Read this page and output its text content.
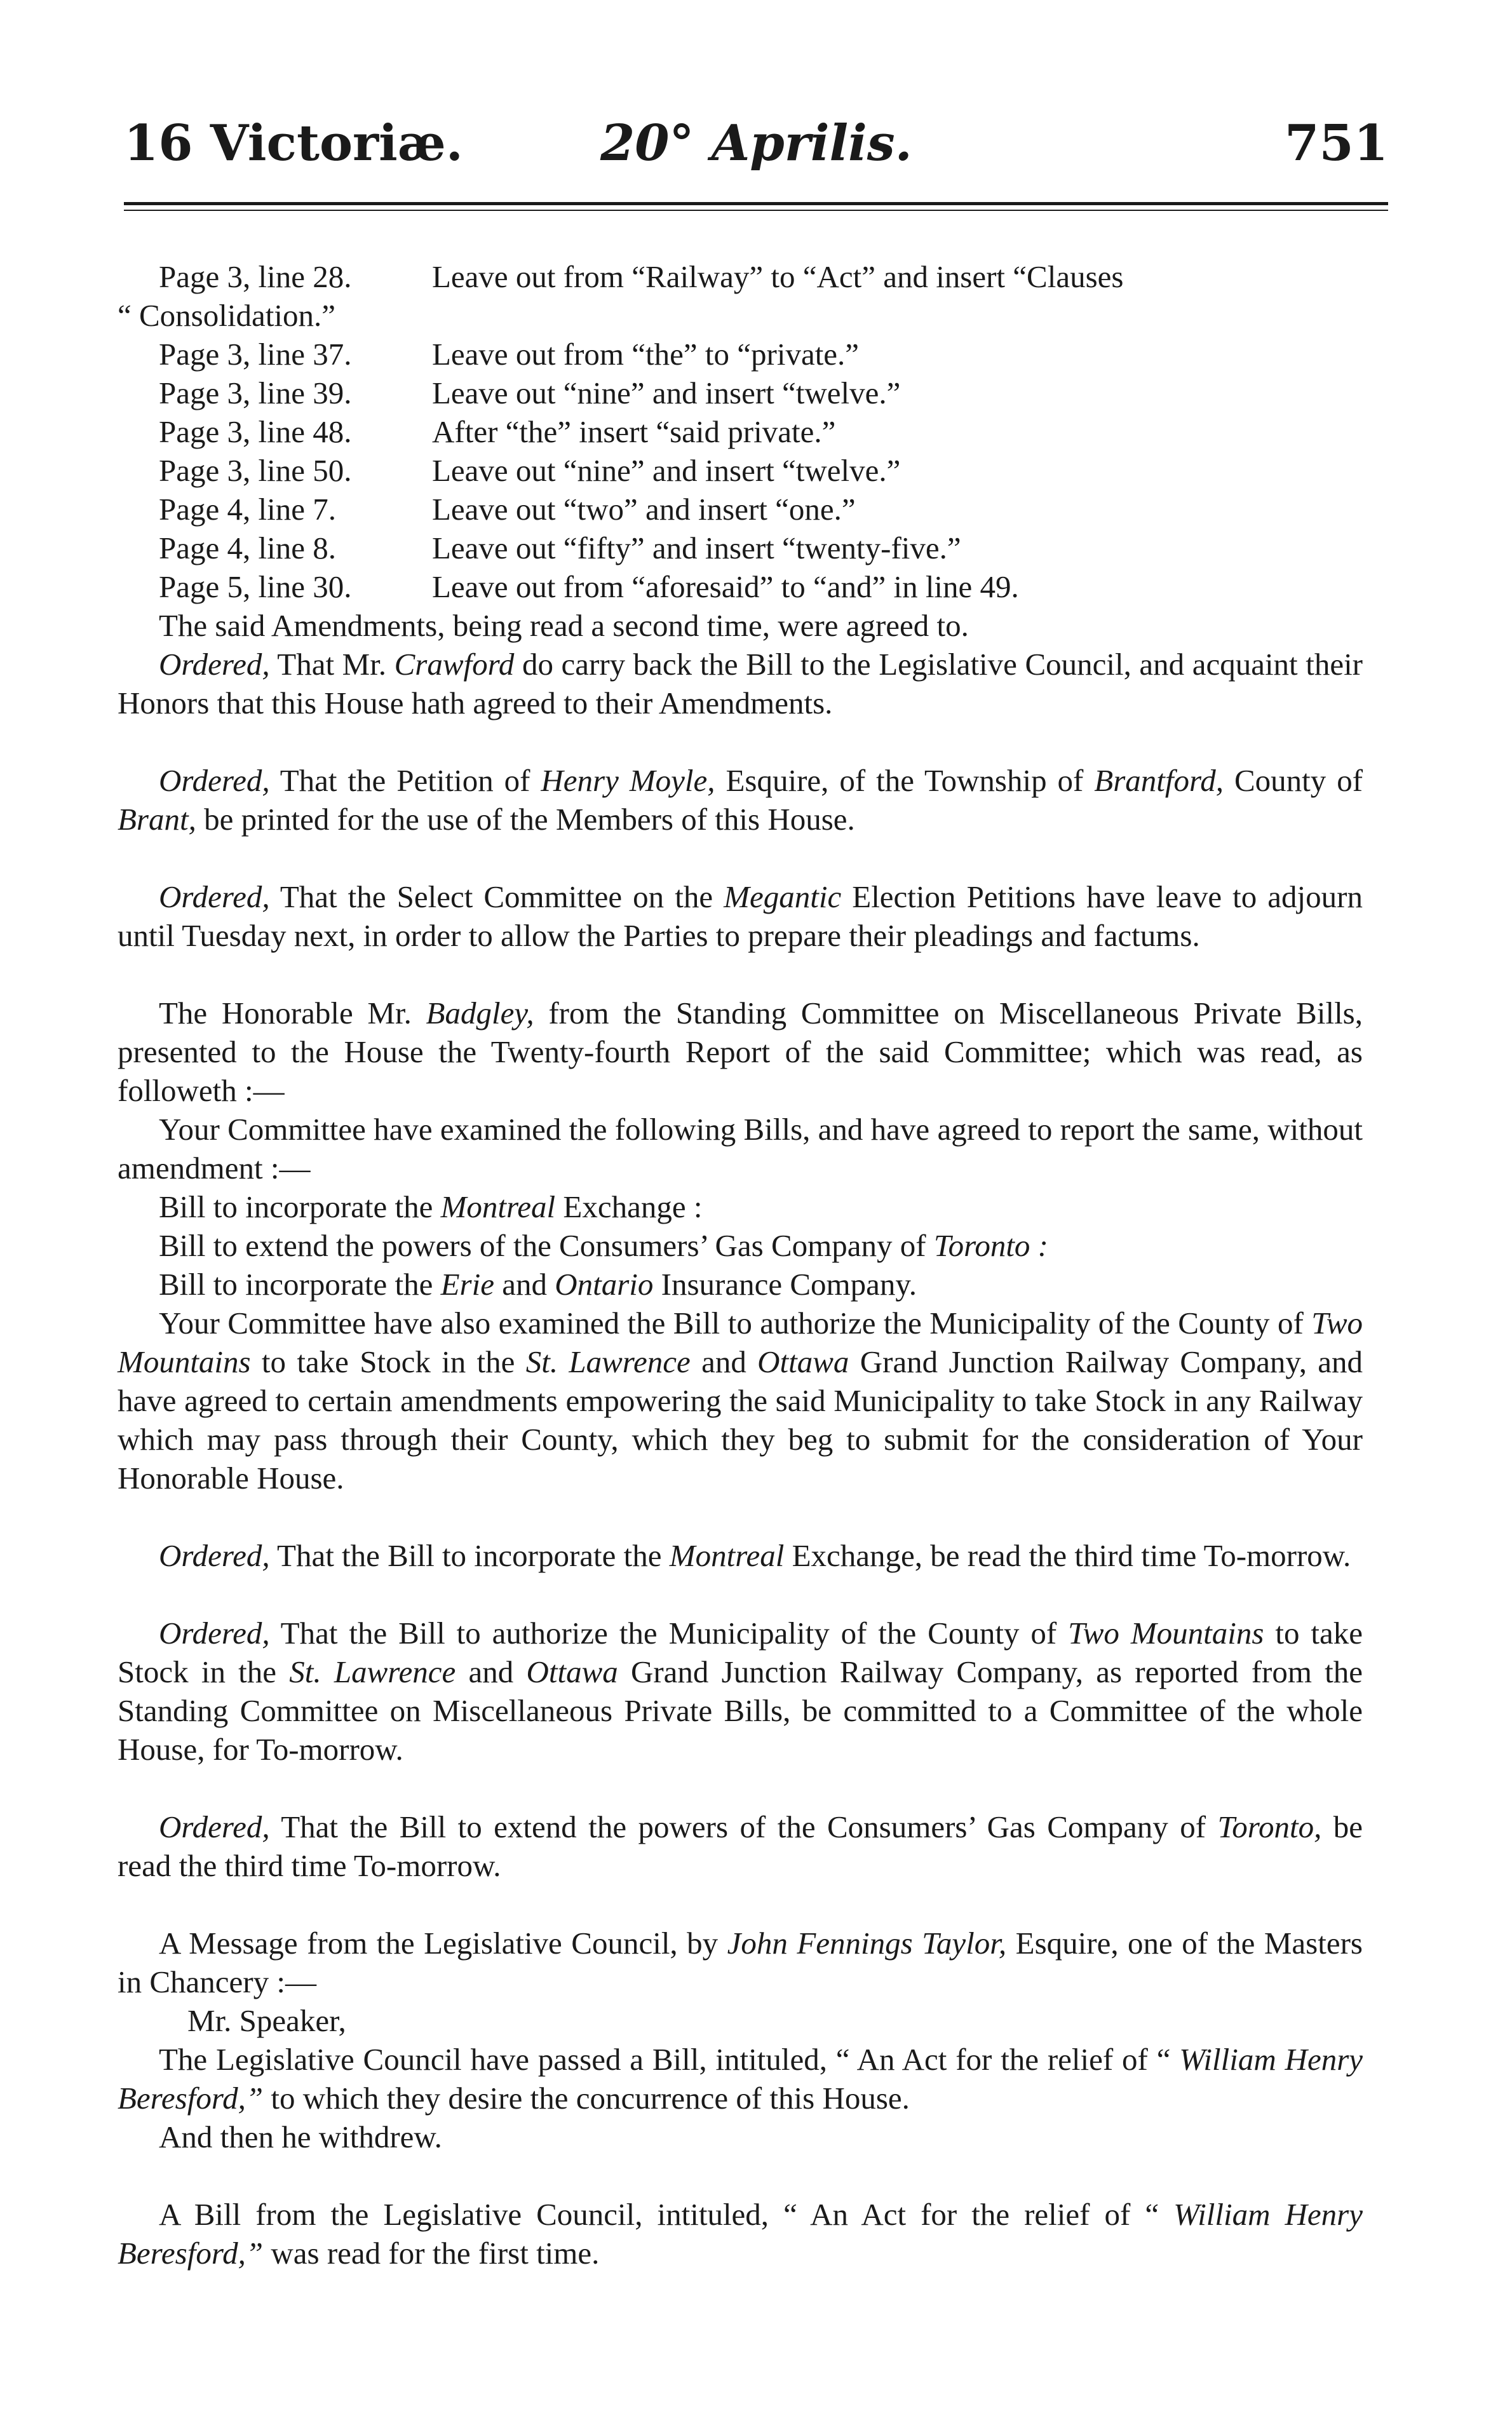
16 Victoriæ.	20° Aprilis.	751
Page 3, line 28.	Leave out from “Railway” to “Act” and insert “Clauses
“ Consolidation.”
Page 3, line 37.	Leave out from “the” to “private.”
Page 3, line 39.	Leave out “nine” and insert “twelve.”
Page 3, line 48.	After “the” insert “said private.”
Page 3, line 50.	Leave out “nine” and insert “twelve.”
Page 4, line 7.	Leave out “two” and insert “one.”
Page 4, line 8.	Leave out “fifty” and insert “twenty-five.”
Page 5, line 30.	Leave out from “aforesaid” to “and” in line 49.

The said Amendments, being read a second time, were agreed to.

Ordered, That Mr. Crawford do carry back the Bill to the Legislative Council, and acquaint their Honors that this House hath agreed to their Amendments.

Ordered, That the Petition of Henry Moyle, Esquire, of the Township of Brantford, County of Brant, be printed for the use of the Members of this House.

Ordered, That the Select Committee on the Megantic Election Petitions have leave to adjourn until Tuesday next, in order to allow the Parties to prepare their pleadings and factums.

The Honorable Mr. Badgley, from the Standing Committee on Miscellaneous Private Bills, presented to the House the Twenty-fourth Report of the said Committee; which was read, as followeth :—

Your Committee have examined the following Bills, and have agreed to report the same, without amendment :—

Bill to incorporate the Montreal Exchange :
Bill to extend the powers of the Consumers’ Gas Company of Toronto :
Bill to incorporate the Erie and Ontario Insurance Company.

Your Committee have also examined the Bill to authorize the Municipality of the County of Two Mountains to take Stock in the St. Lawrence and Ottawa Grand Junction Railway Company, and have agreed to certain amendments empowering the said Municipality to take Stock in any Railway which may pass through their County, which they beg to submit for the consideration of Your Honorable House.

Ordered, That the Bill to incorporate the Montreal Exchange, be read the third time To-morrow.

Ordered, That the Bill to authorize the Municipality of the County of Two Mountains to take Stock in the St. Lawrence and Ottawa Grand Junction Railway Company, as reported from the Standing Committee on Miscellaneous Private Bills, be committed to a Committee of the whole House, for To-morrow.

Ordered, That the Bill to extend the powers of the Consumers’ Gas Company of Toronto, be read the third time To-morrow.

A Message from the Legislative Council, by John Fennings Taylor, Esquire, one of the Masters in Chancery :—

Mr. Speaker,

The Legislative Council have passed a Bill, intituled, “ An Act for the relief of “ William Henry Beresford,” to which they desire the concurrence of this House.

And then he withdrew.

A Bill from the Legislative Council, intituled, “ An Act for the relief of “ William Henry Beresford,” was read for the first time.
